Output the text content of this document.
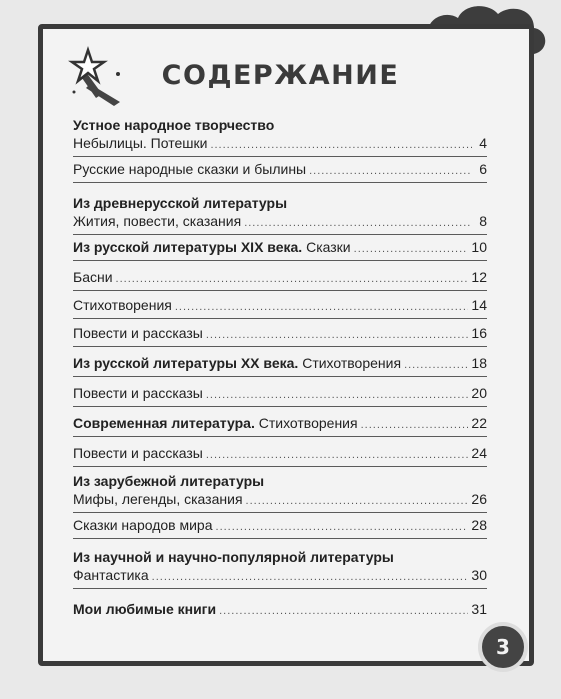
СОДЕРЖАНИЕ
Устное народное творчество
Небылицы. Потешки .....	4
Русские народные сказки и былины .....	6
Из древнерусской литературы
Жития, повести, сказания .....	8
Из русской литературы XIX века. Сказки .....	10
Басни .....	12
Стихотворения .....	14
Повести и рассказы .....	16
Из русской литературы XX века. Стихотворения .....	18
Повести и рассказы .....	20
Современная литература. Стихотворения .....	22
Повести и рассказы .....	24
Из зарубежной литературы
Мифы, легенды, сказания .....	26
Сказки народов мира .....	28
Из научной и научно-популярной литературы
Фантастика .....	30
Мои любимые книги .....	31
3
